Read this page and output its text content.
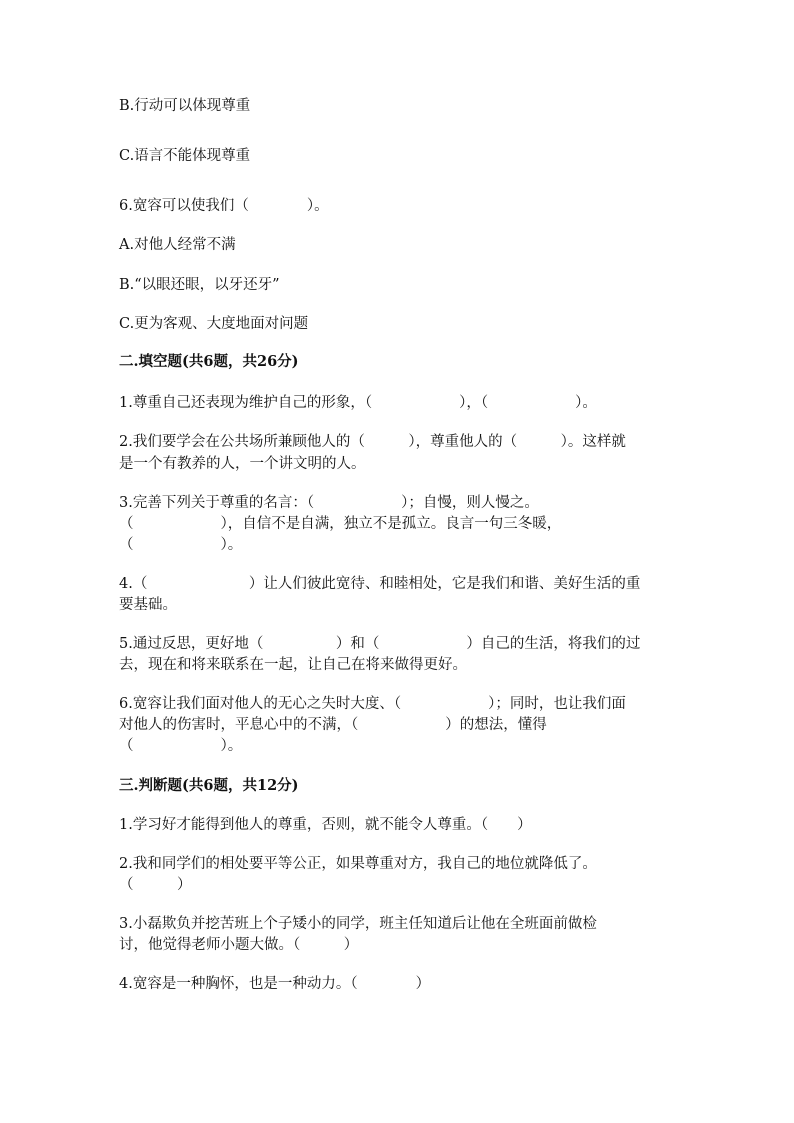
B.行动可以体现尊重
C.语言不能体现尊重
6.宽容可以使我们（　　　　）。
A.对他人经常不满
B.“以眼还眼，以牙还牙”
C.更为客观、大度地面对问题
二.填空题(共6题，共26分)
1.尊重自己还表现为维护自己的形象，（　　　　　　），（　　　　　　）。
2.我们要学会在公共场所兼顾他人的（　　　），尊重他人的（　　　）。这样就
是一个有教养的人，一个讲文明的人。
3.完善下列关于尊重的名言：（　　　　　　）；自慢，则人慢之。
（　　　　　　），自信不是自满，独立不是孤立。良言一句三冬暖，
（　　　　　　）。
4.（　　　　　　　）让人们彼此宽待、和睦相处，它是我们和谐、美好生活的重
要基础。
5.通过反思，更好地（　　　　　）和（　　　　　　）自己的生活，将我们的过
去，现在和将来联系在一起，让自己在将来做得更好。
6.宽容让我们面对他人的无心之失时大度、（　　　　　　）；同时，也让我们面
对他人的伤害时，平息心中的不满，（　　　　　　）的想法，懂得
（　　　　　　）。
三.判断题(共6题，共12分)
1.学习好才能得到他人的尊重，否则，就不能令人尊重。（　　）
2.我和同学们的相处要平等公正，如果尊重对方，我自己的地位就降低了。
（　　　）
3.小磊欺负并挖苦班上个子矮小的同学，班主任知道后让他在全班面前做检
讨，他觉得老师小题大做。（　　　）
4.宽容是一种胸怀，也是一种动力。（　　　　）
